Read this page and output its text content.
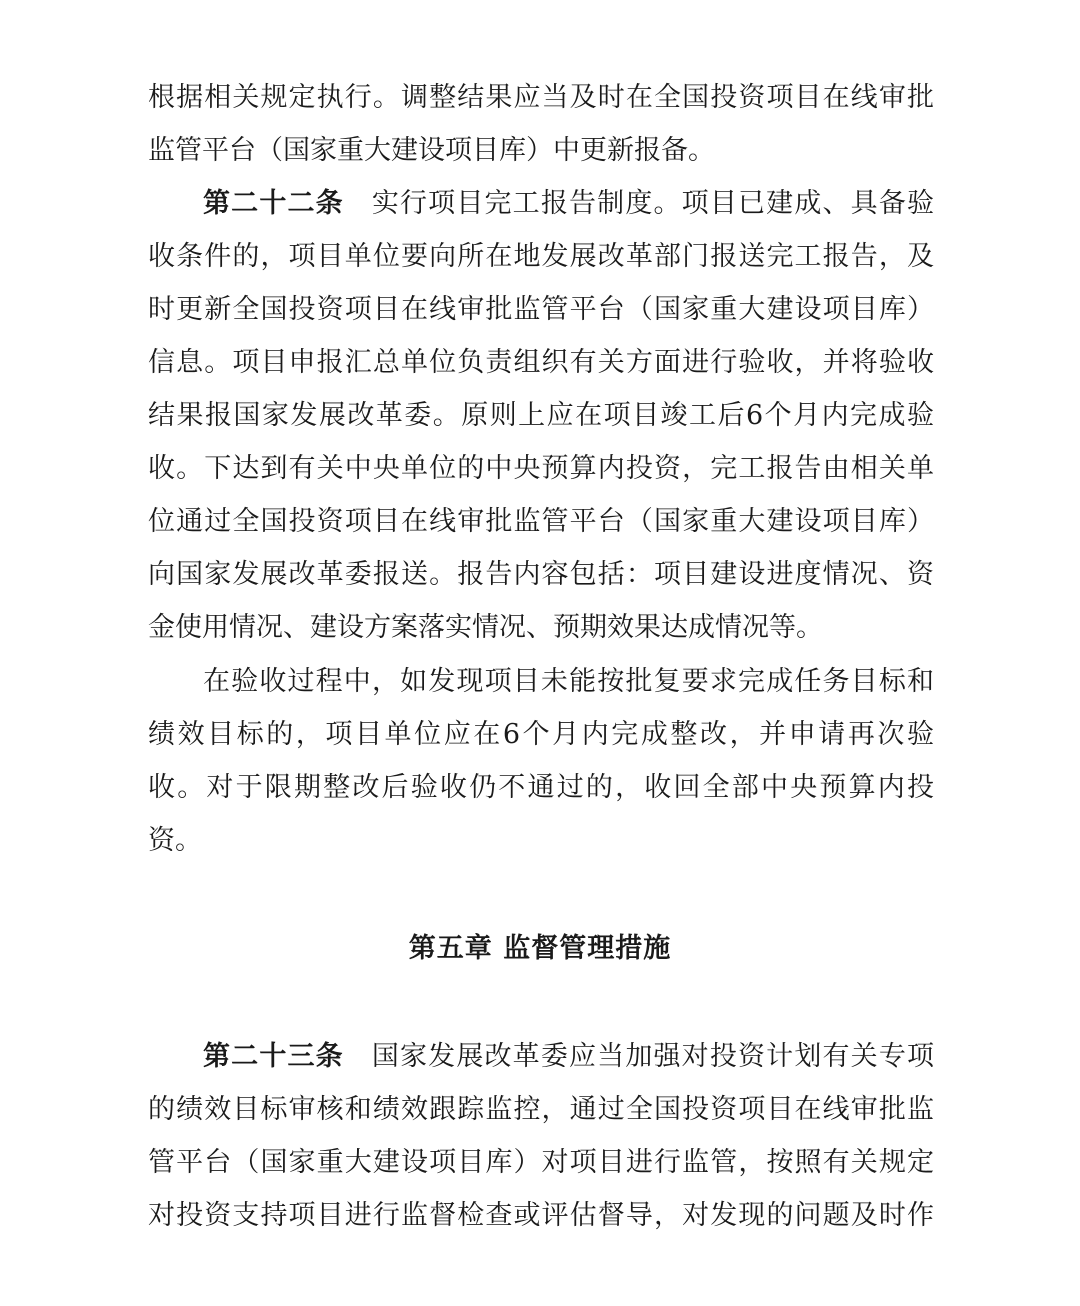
根据相关规定执行。调整结果应当及时在全国投资项目在线审批
监管平台（国家重大建设项目库）中更新报备。
第二十二条 实行项目完工报告制度。项目已建成、具备验
收条件的，项目单位要向所在地发展改革部门报送完工报告，及
时更新全国投资项目在线审批监管平台（国家重大建设项目库）
信息。项目申报汇总单位负责组织有关方面进行验收，并将验收
结果报国家发展改革委。原则上应在项目竣工后6个月内完成验
收。下达到有关中央单位的中央预算内投资，完工报告由相关单
位通过全国投资项目在线审批监管平台（国家重大建设项目库）
向国家发展改革委报送。报告内容包括：项目建设进度情况、资
金使用情况、建设方案落实情况、预期效果达成情况等。
在验收过程中，如发现项目未能按批复要求完成任务目标和
绩效目标的，项目单位应在6个月内完成整改，并申请再次验
收。对于限期整改后验收仍不通过的，收回全部中央预算内投
资。
第五章 监督管理措施
第二十三条 国家发展改革委应当加强对投资计划有关专项
的绩效目标审核和绩效跟踪监控，通过全国投资项目在线审批监
管平台（国家重大建设项目库）对项目进行监管，按照有关规定
对投资支持项目进行监督检查或评估督导，对发现的问题及时作
